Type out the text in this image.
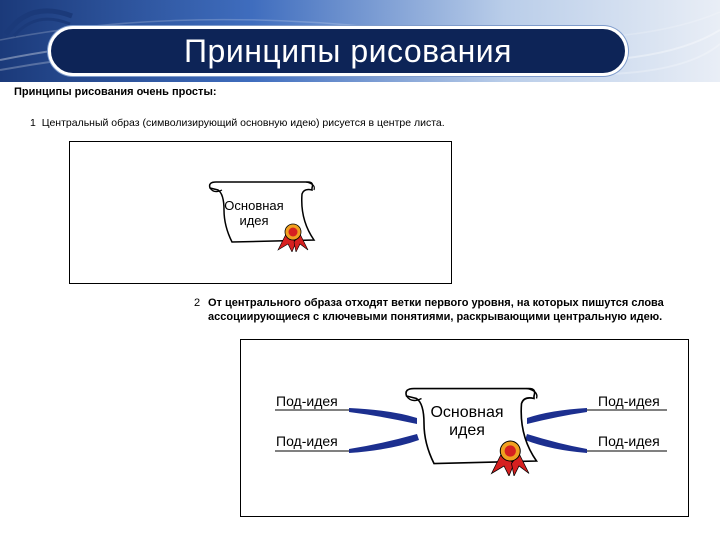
Принципы рисования
Принципы рисования очень просты:
1 Центральный образ (символизирующий основную идею) рисуется в центре листа.
Основная
идея
2 От центрального образа отходят ветки первого уровня, на которых пишутся слова
ассоциирующиеся с ключевыми понятиями, раскрывающими центральную идею.
Основная
идея
Под-идея
Под-идея
Под-идея
Под-идея
